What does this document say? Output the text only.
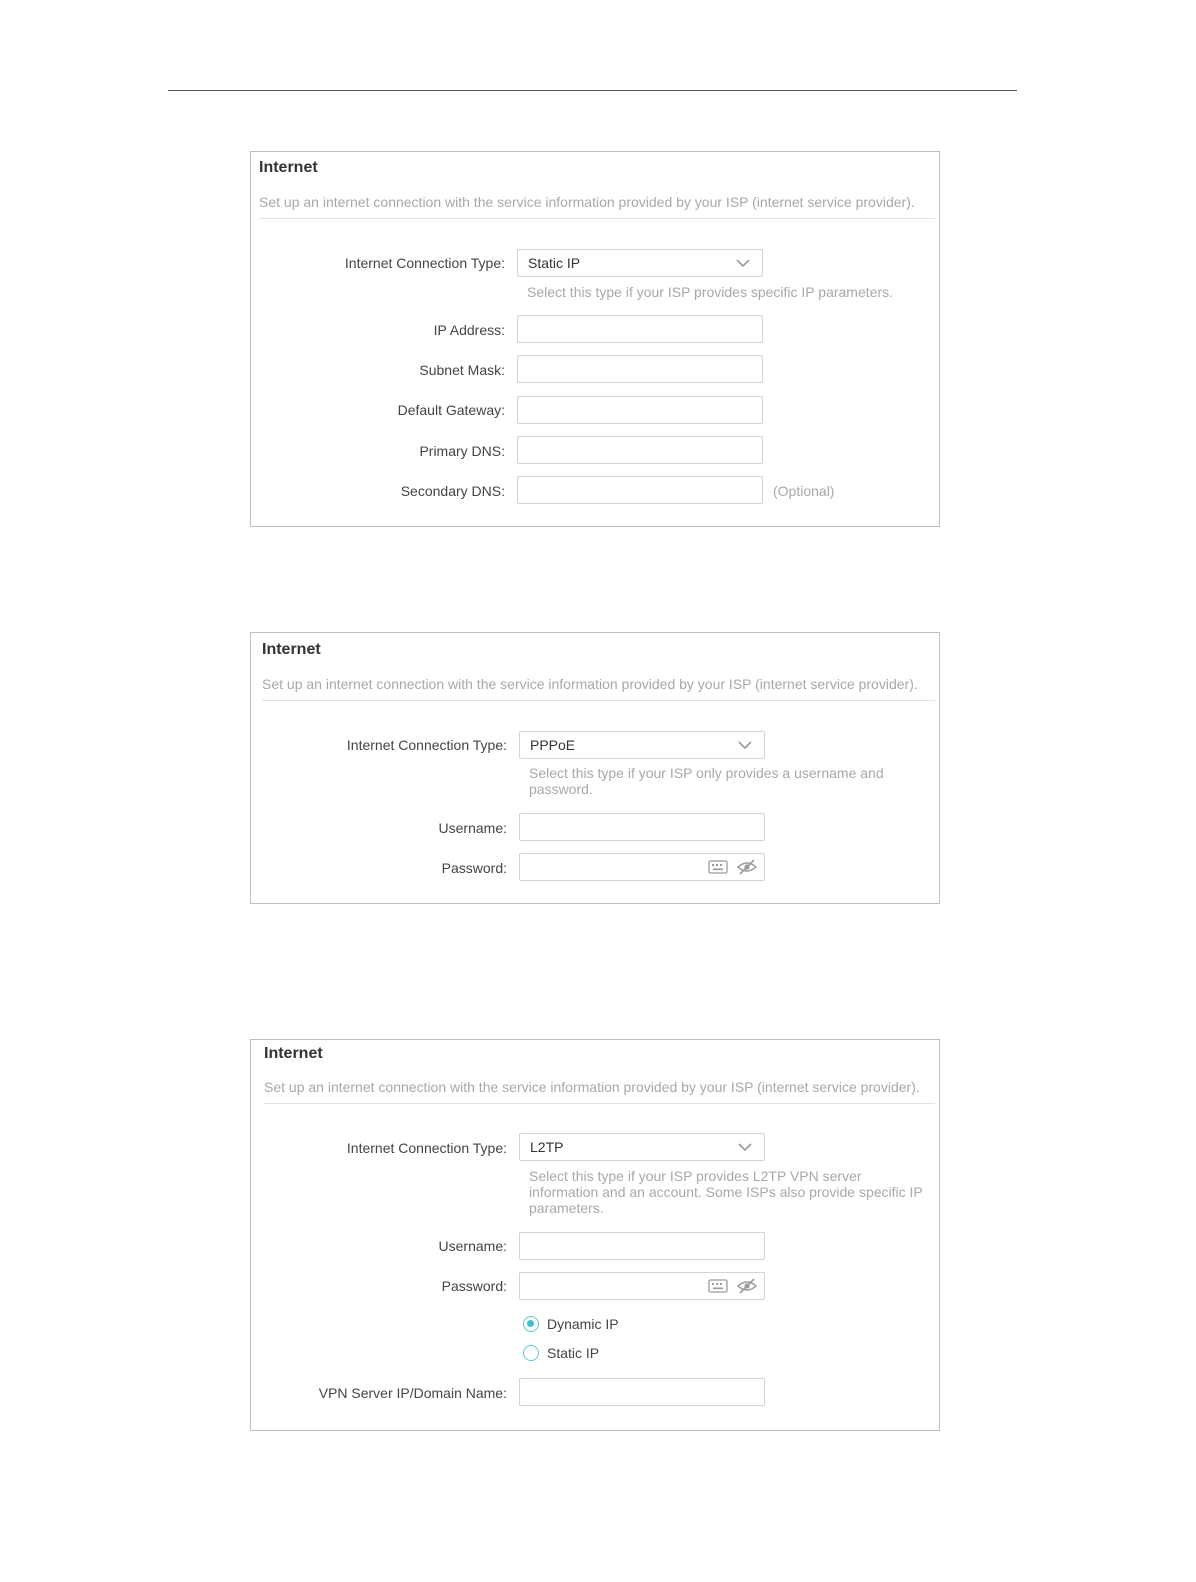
Internet
Set up an internet connection with the service information provided by your ISP (internet service provider).
Internet Connection Type: Static IP
Select this type if your ISP provides specific IP parameters.
IP Address:
Subnet Mask:
Default Gateway:
Primary DNS:
Secondary DNS:	(Optional)
Internet
Set up an internet connection with the service information provided by your ISP (internet service provider).
Internet Connection Type: PPPoE
Select this type if your ISP only provides a username and
password.
Username:
Password:
Internet
Set up an internet connection with the service information provided by your ISP (internet service provider).
Internet Connection Type: L2TP
Select this type if your ISP provides L2TP VPN server
information and an account. Some ISPs also provide specific IP
parameters.
Username:
Password:
Dynamic IP
Static IP
VPN Server IP/Domain Name:
